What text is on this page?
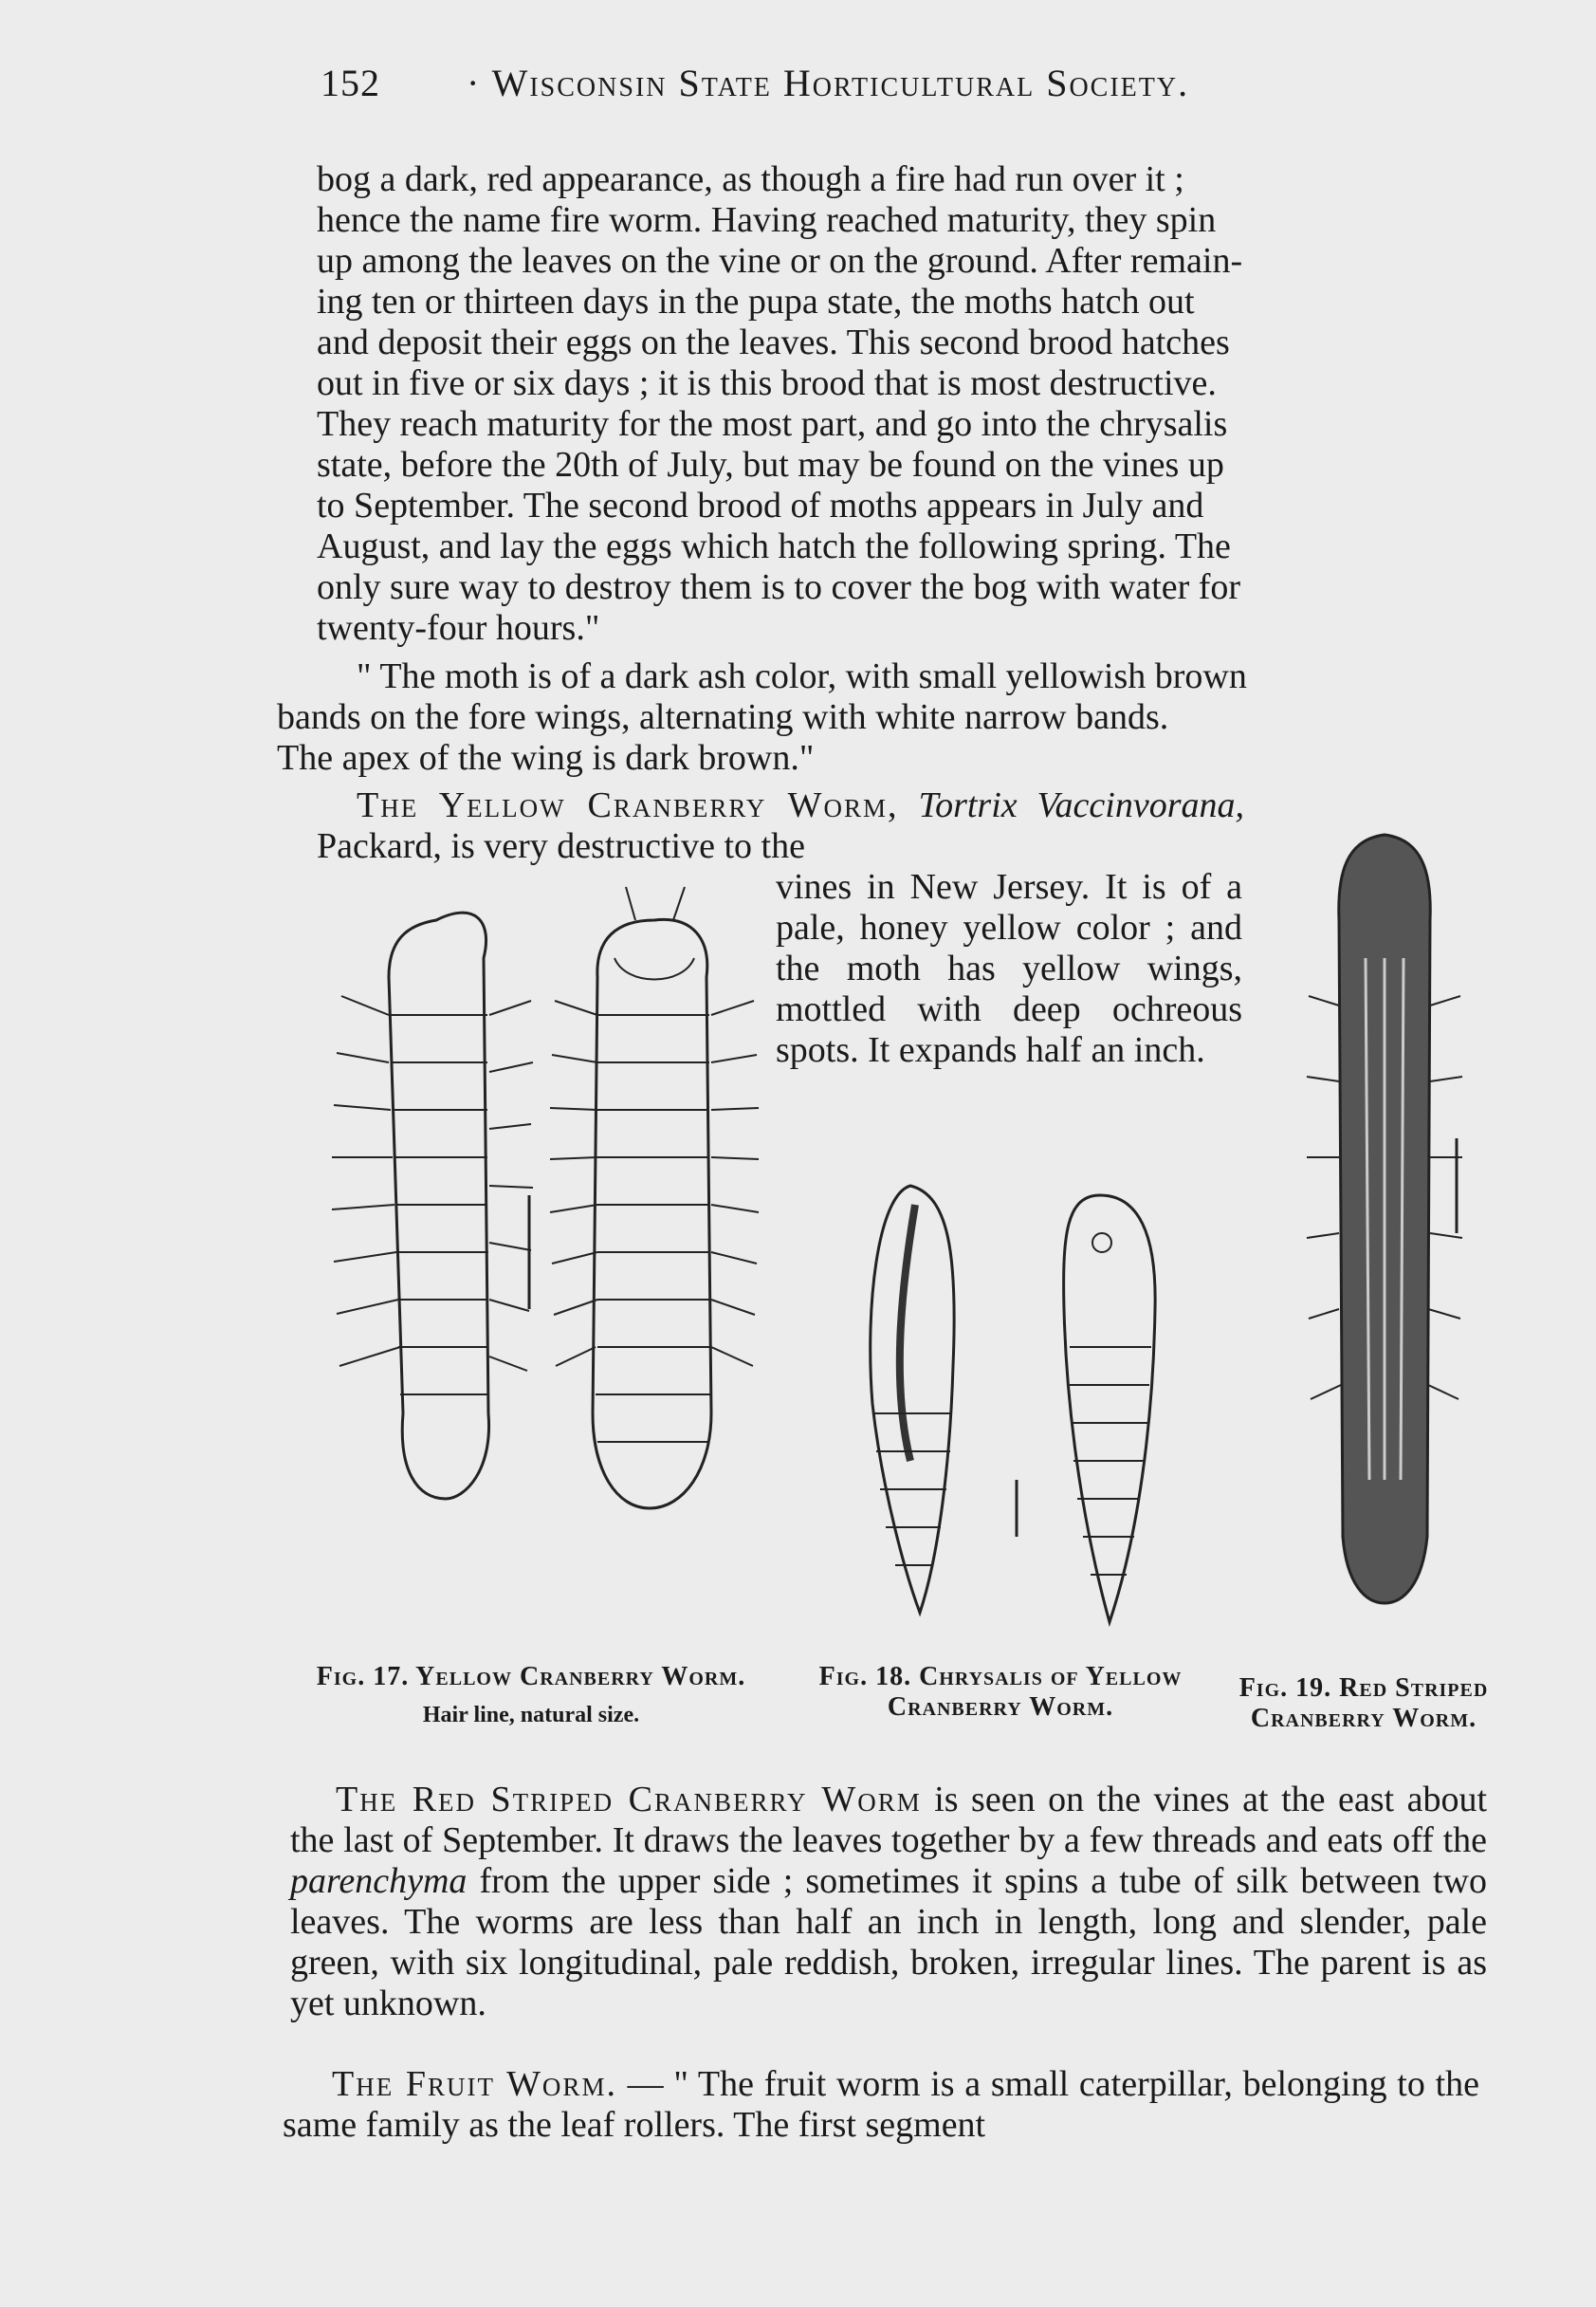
152 · Wisconsin State Horticultural Society.
bog a dark, red appearance, as though a fire had run over it ;
hence the name fire worm. Having reached maturity, they spin
up among the leaves on the vine or on the ground. After remain-
ing ten or thirteen days in the pupa state, the moths hatch out
and deposit their eggs on the leaves. This second brood hatches
out in five or six days ; it is this brood that is most destructive.
They reach maturity for the most part, and go into the chrysalis
state, before the 20th of July, but may be found on the vines up
to September. The second brood of moths appears in July and
August, and lay the eggs which hatch the following spring. The
only sure way to destroy them is to cover the bog with water for
twenty-four hours."
" The moth is of a dark ash color, with small yellowish brown
bands on the fore wings, alternating with white narrow bands.
The apex of the wing is dark brown."
The Yellow Cranberry Worm, Tortrix Vaccinvorana, Packard, is very destructive to the
vines in New Jersey. It is of a pale, honey yellow color ; and the moth has yellow wings, mottled with deep ochreous spots. It expands half an inch.
Fig. 17. Yellow Cranberry Worm.
Hair line, natural size.
Fig. 18. Chrysalis of Yellow Cranberry Worm.
Fig. 19. Red Striped Cranberry Worm.
The Red Striped Cranberry Worm is seen on the vines at the east about the last of September. It draws the leaves together by a few threads and eats off the parenchyma from the upper side ; sometimes it spins a tube of silk between two leaves. The worms are less than half an inch in length, long and slender, pale green, with six longitudinal, pale reddish, broken, irregular lines. The parent is as yet unknown.
The Fruit Worm. — " The fruit worm is a small caterpillar, belonging to the same family as the leaf rollers. The first segment
